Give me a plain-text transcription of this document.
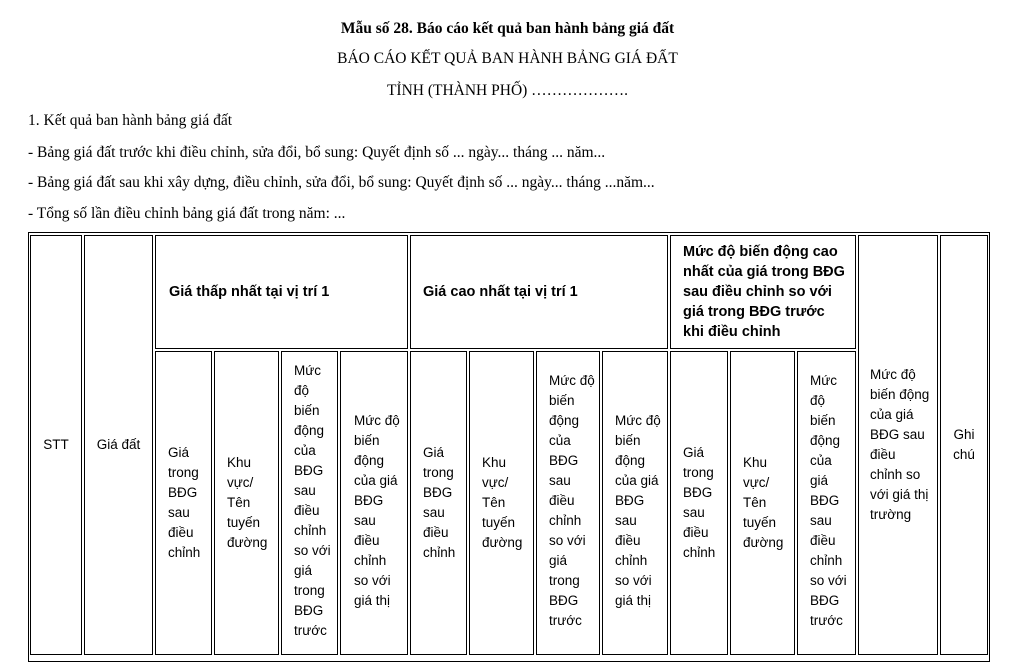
Mẫu số 28. Báo cáo kết quả ban hành bảng giá đất
BÁO CÁO KẾT QUẢ BAN HÀNH BẢNG GIÁ ĐẤT
TỈNH (THÀNH PHỐ) ……………….
1. Kết quả ban hành bảng giá đất
- Bảng giá đất trước khi điều chỉnh, sửa đổi, bổ sung: Quyết định số ... ngày... tháng ... năm...
- Bảng giá đất sau khi xây dựng, điều chỉnh, sửa đổi, bổ sung: Quyết định số ... ngày... tháng ...năm...
- Tổng số lần điều chỉnh bảng giá đất trong năm: ...
STT Giá đất
Giá thấp nhất tại vị trí 1	Giá cao nhất tại vị trí 1
Mức độ biến động cao nhất của giá trong BĐG sau điều chỉnh so với giá trong BĐG trước khi điều chỉnh
Mức độ biến động của giá BĐG sau điều chỉnh so với giá thị trường
Ghi chú
Giá trong BĐG sau điều chỉnh
Khu vực/ Tên tuyến đường
Mức độ biến động của BĐG sau điều chỉnh so với giá trong BĐG trước
Mức độ biến động của giá BĐG sau điều chỉnh so với giá thị
Giá trong BĐG sau điều chỉnh
Khu vực/ Tên tuyến đường
Mức độ biến động của BĐG sau điều chỉnh so với giá trong BĐG trước
Mức độ biến động của giá BĐG sau điều chỉnh so với giá thị
Giá trong BĐG sau điều chỉnh
Khu vực/ Tên tuyến đường
Mức độ biến động của giá BĐG sau điều chỉnh so với BĐG trước
